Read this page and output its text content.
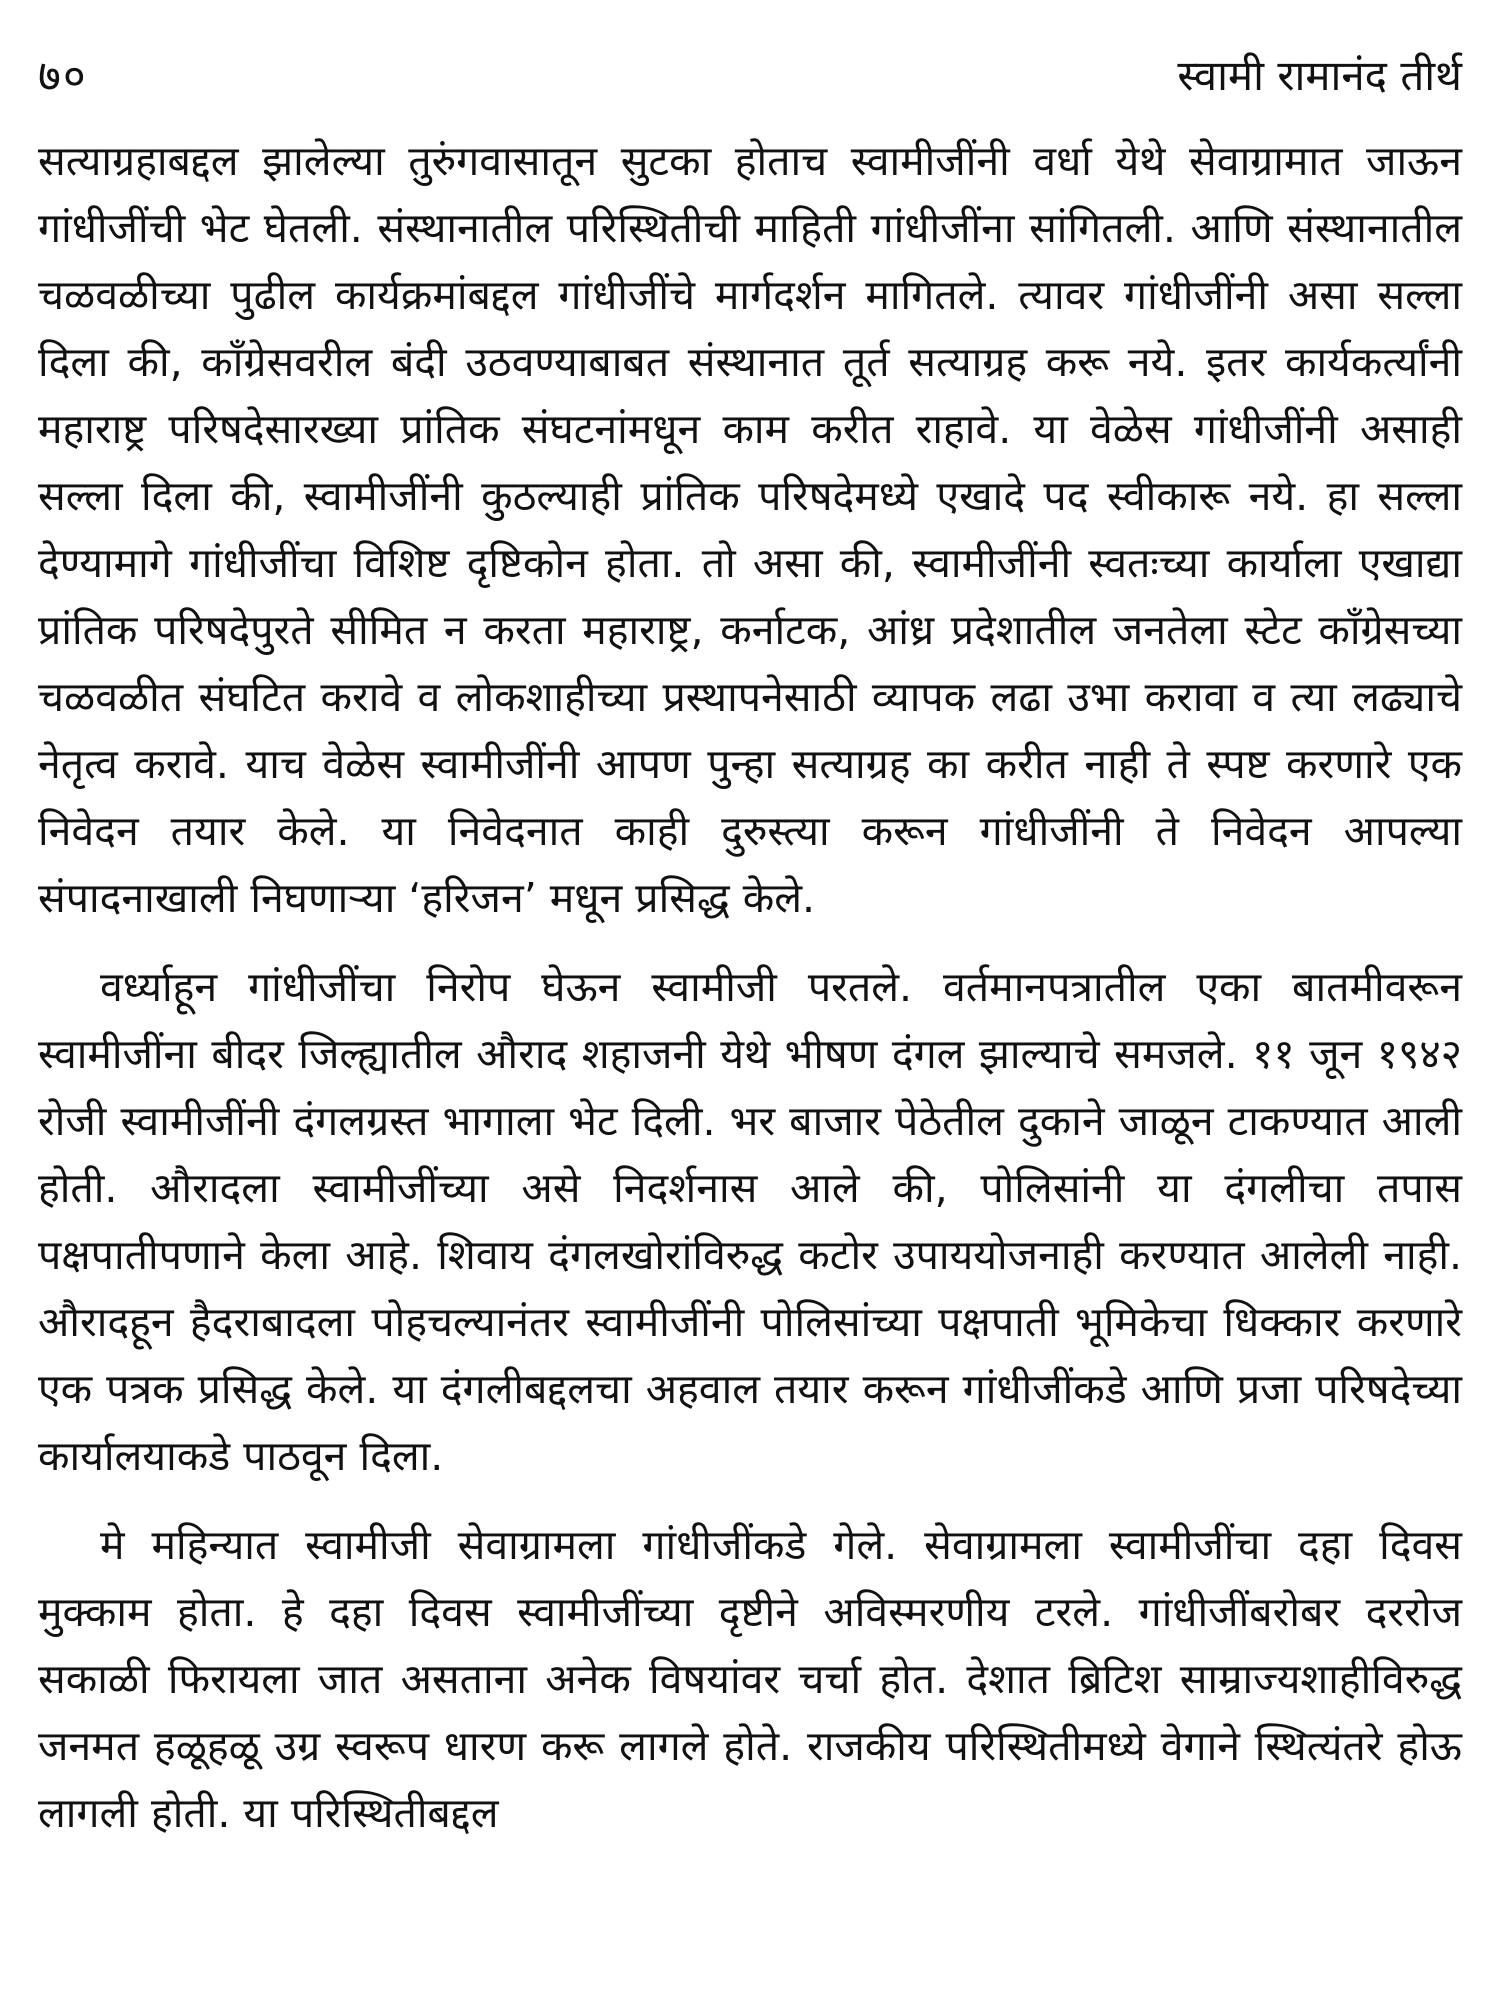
७०	स्वामी रामानंद तीर्थ

सत्याग्रहाबद्दल झालेल्या तुरुंगवासातून सुटका होताच स्वामीजींनी वर्धा येथे सेवाग्रामात जाऊन गांधीजींची भेट घेतली. संस्थानातील परिस्थितीची माहिती गांधीजींना सांगितली. आणि संस्थानातील चळवळीच्या पुढील कार्यक्रमांबद्दल गांधीजींचे मार्गदर्शन मागितले. त्यावर गांधीजींनी असा सल्ला दिला की, काँग्रेसवरील बंदी उठवण्याबाबत संस्थानात तूर्त सत्याग्रह करू नये. इतर कार्यकर्त्यांनी महाराष्ट्र परिषदेसारख्या प्रांतिक संघटनांमधून काम करीत राहावे. या वेळेस गांधीजींनी असाही सल्ला दिला की, स्वामीजींनी कुठल्याही प्रांतिक परिषदेमध्ये एखादे पद स्वीकारू नये. हा सल्ला देण्यामागे गांधीजींचा विशिष्ट दृष्टिकोन होता. तो असा की, स्वामीजींनी स्वतःच्या कार्याला एखाद्या प्रांतिक परिषदेपुरते सीमित न करता महाराष्ट्र, कर्नाटक, आंध्र प्रदेशातील जनतेला स्टेट काँग्रेसच्या चळवळीत संघटित करावे व लोकशाहीच्या प्रस्थापनेसाठी व्यापक लढा उभा करावा व त्या लढ्याचे नेतृत्व करावे. याच वेळेस स्वामीजींनी आपण पुन्हा सत्याग्रह का करीत नाही ते स्पष्ट करणारे एक निवेदन तयार केले. या निवेदनात काही दुरुस्त्या करून गांधीजींनी ते निवेदन आपल्या संपादनाखाली निघणाऱ्या ‘हरिजन’ मधून प्रसिद्ध केले.

वर्ध्याहून गांधीजींचा निरोप घेऊन स्वामीजी परतले. वर्तमानपत्रातील एका बातमीवरून स्वामीजींना बीदर जिल्ह्यातील औराद शहाजनी येथे भीषण दंगल झाल्याचे समजले. ११ जून १९४२ रोजी स्वामीजींनी दंगलग्रस्त भागाला भेट दिली. भर बाजार पेठेतील दुकाने जाळून टाकण्यात आली होती. औरादला स्वामीजींच्या असे निदर्शनास आले की, पोलिसांनी या दंगलीचा तपास पक्षपातीपणाने केला आहे. शिवाय दंगलखोरांविरुद्ध कटोर उपाययोजनाही करण्यात आलेली नाही. औरादहून हैदराबादला पोहचल्यानंतर स्वामीजींनी पोलिसांच्या पक्षपाती भूमिकेचा धिक्कार करणारे एक पत्रक प्रसिद्ध केले. या दंगलीबद्दलचा अहवाल तयार करून गांधीजींकडे आणि प्रजा परिषदेच्या कार्यालयाकडे पाठवून दिला.

मे महिन्यात स्वामीजी सेवाग्रामला गांधीजींकडे गेले. सेवाग्रामला स्वामीजींचा दहा दिवस मुक्काम होता. हे दहा दिवस स्वामीजींच्या दृष्टीने अविस्मरणीय टरले. गांधीजींबरोबर दररोज सकाळी फिरायला जात असताना अनेक विषयांवर चर्चा होत. देशात ब्रिटिश साम्राज्यशाहीविरुद्ध जनमत हळूहळू उग्र स्वरूप धारण करू लागले होते. राजकीय परिस्थितीमध्ये वेगाने स्थित्यंतरे होऊ लागली होती. या परिस्थितीबद्दल
